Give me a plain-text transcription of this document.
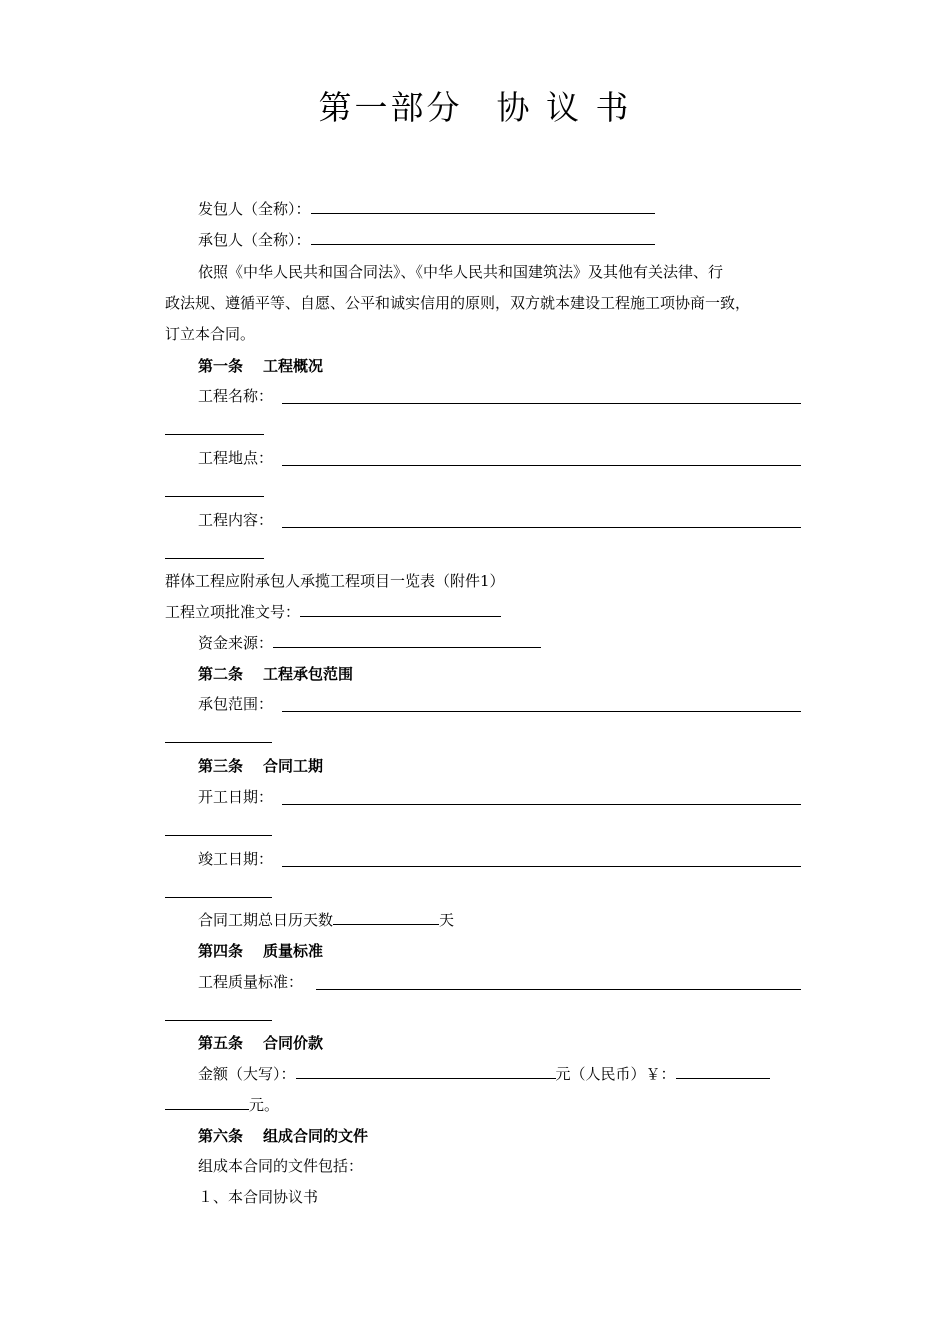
第一部分 协 议 书
发包人（全称）：
承包人（全称）：
依照《中华人民共和国合同法》、《中华人民共和国建筑法》及其他有关法律、行
政法规、遵循平等、自愿、公平和诚实信用的原则，双方就本建设工程施工项协商一致，
订立本合同。
第一条 工程概况
工程名称：
工程地点：
工程内容：
群体工程应附承包人承揽工程项目一览表（附件1）
工程立项批准文号：
资金来源：
第二条 工程承包范围
承包范围：
第三条 合同工期
开工日期：
竣工日期：
合同工期总日历天数	天
第四条 质量标准
工程质量标准：
第五条 合同价款
金额（大写）：	元（人民币）￥：
元。
第六条 组成合同的文件
组成本合同的文件包括：
１、本合同协议书
